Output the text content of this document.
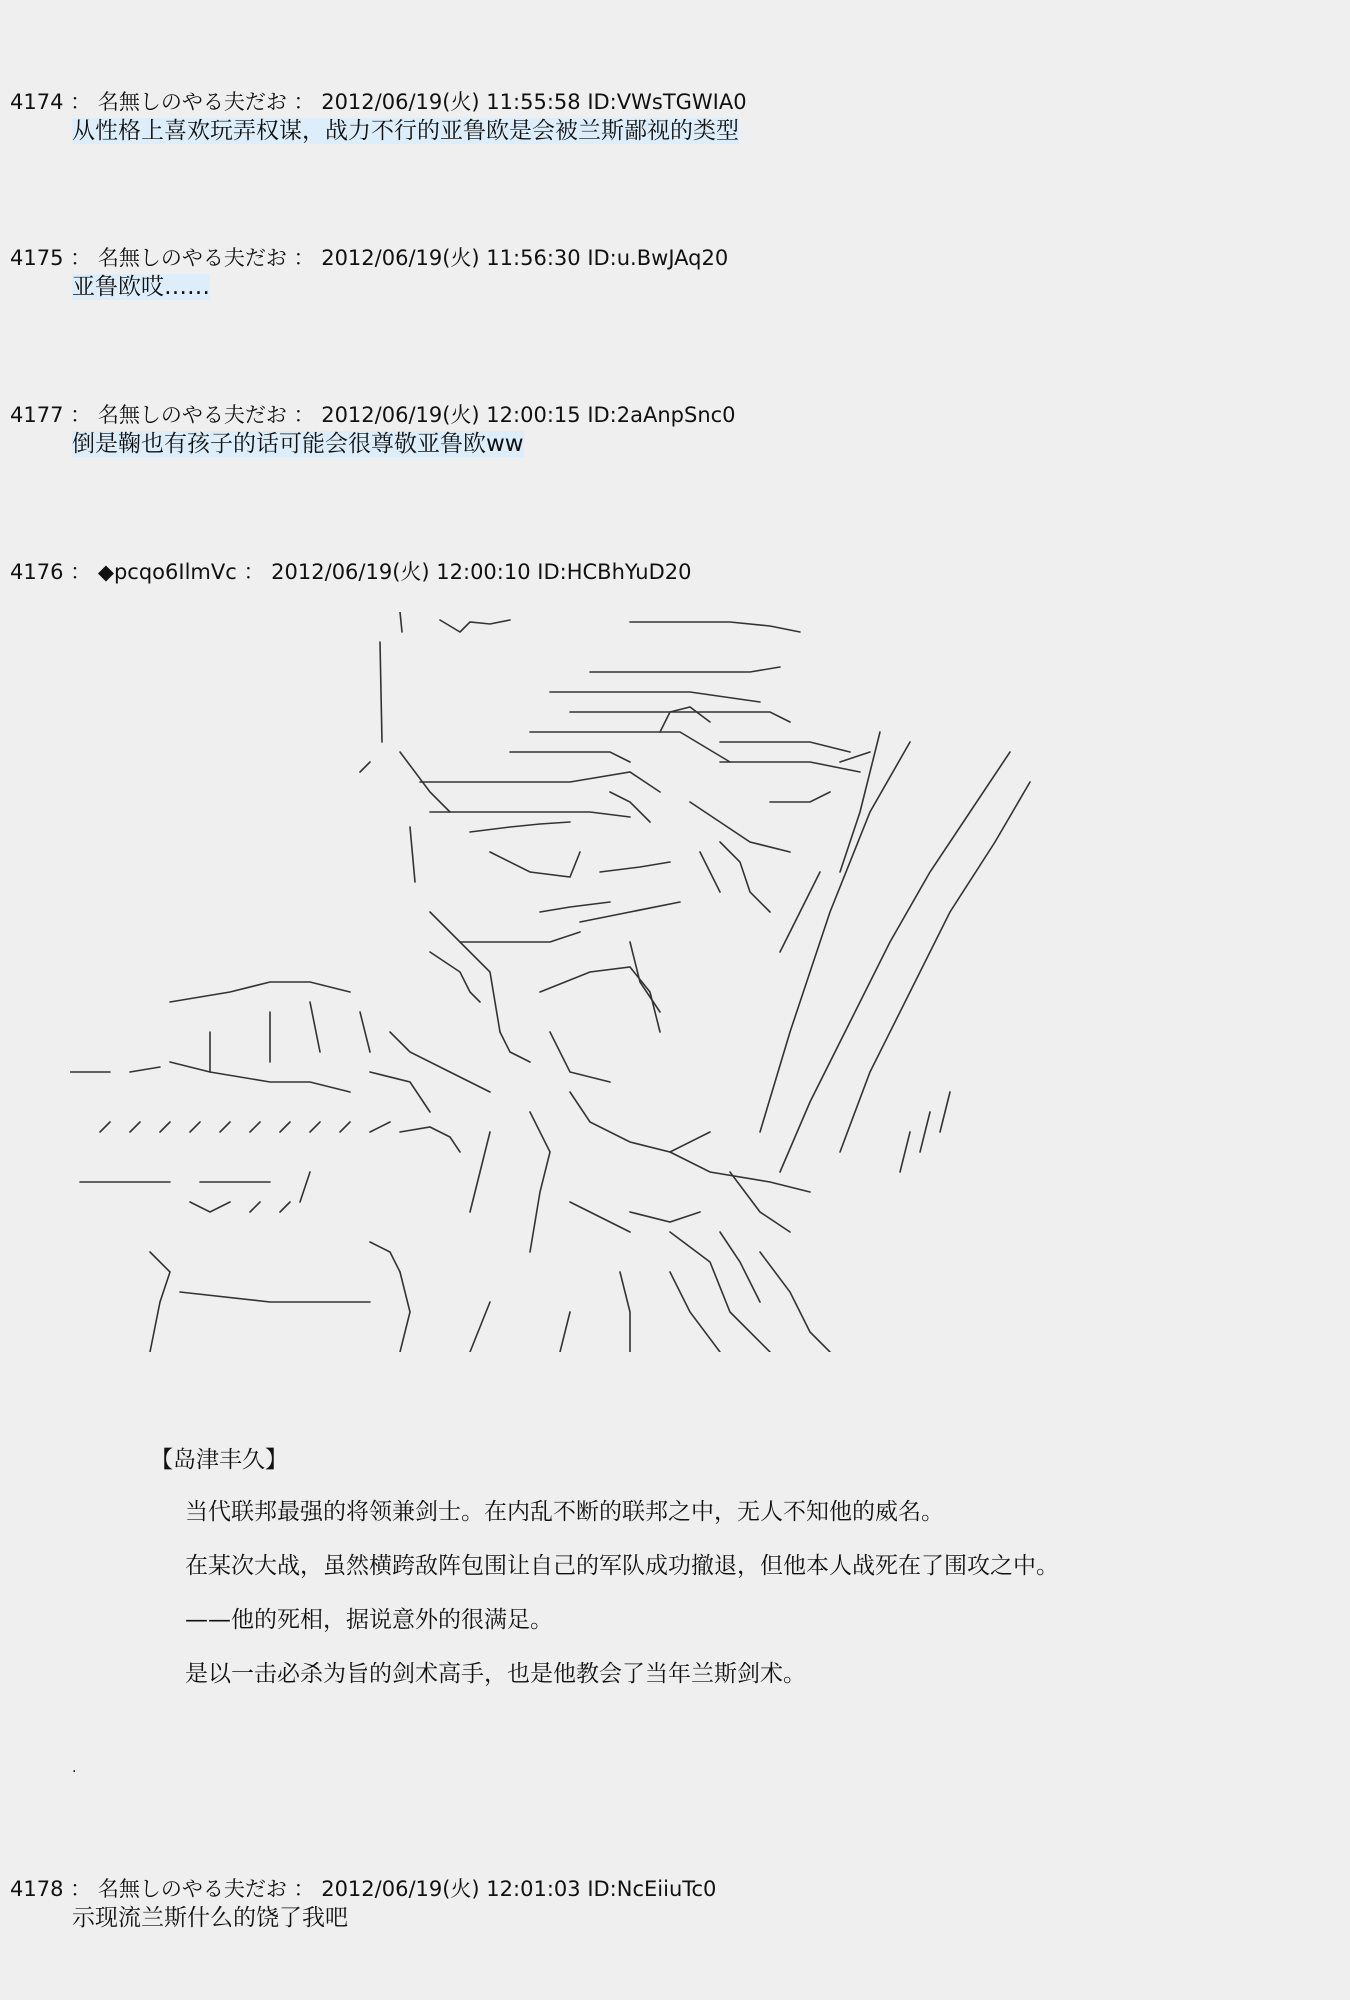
4174 ： 名無しのやる夫だお ： 2012/06/19(火) 11:55:58 ID:VWsTGWIA0
从性格上喜欢玩弄权谋，战力不行的亚鲁欧是会被兰斯鄙视的类型
4175 ： 名無しのやる夫だお ： 2012/06/19(火) 11:56:30 ID:u.BwJAq20
亚鲁欧哎……
4177 ： 名無しのやる夫だお ： 2012/06/19(火) 12:00:15 ID:2aAnpSnc0
倒是鞠也有孩子的话可能会很尊敬亚鲁欧ww
4176 ： ◆pcqo6IlmVc ： 2012/06/19(火) 12:00:10 ID:HCBhYuD20
【岛津丰久】
当代联邦最强的将领兼剑士。在内乱不断的联邦之中，无人不知他的威名。
在某次大战，虽然横跨敌阵包围让自己的军队成功撤退，但他本人战死在了围攻之中。
——他的死相，据说意外的很满足。
是以一击必杀为旨的剑术高手，也是他教会了当年兰斯剑术。
.
4178 ： 名無しのやる夫だお ： 2012/06/19(火) 12:01:03 ID:NcEiiuTc0
示现流兰斯什么的饶了我吧
